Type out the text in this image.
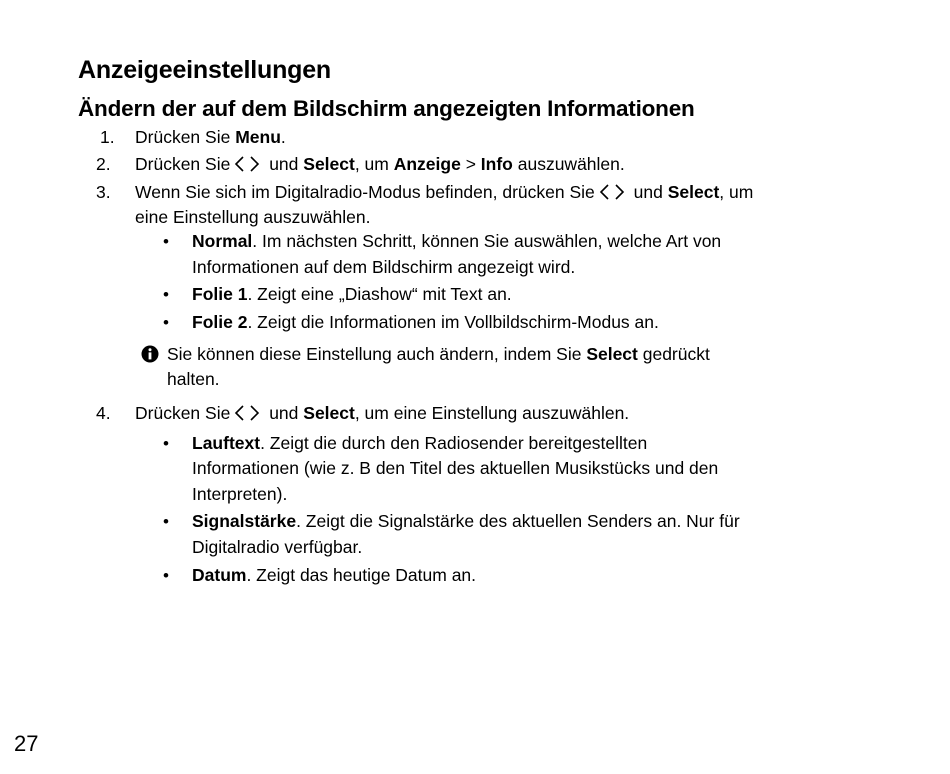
Anzeigeeinstellungen
Ändern der auf dem Bildschirm angezeigten Informationen
1. Drücken Sie Menu.

2. Drücken Sie
und Select, um Anzeige > Info auszuwählen.

3. Wenn Sie sich im Digitalradio-Modus befinden, drücken Sie
und Select, um

eine Einstellung auszuwählen.

• Normal. Im nächsten Schritt, können Sie auswählen, welche Art von

Informationen auf dem Bildschirm angezeigt wird.

• Folie 1. Zeigt eine „Diashow“ mit Text an.

• Folie 2. Zeigt die Informationen im Vollbildschirm-Modus an.

Sie können diese Einstellung auch ändern, indem Sie Select gedrückt

halten.

4. Drücken Sie
und Select, um eine Einstellung auszuwählen.

• Lauftext. Zeigt die durch den Radiosender bereitgestellten

Informationen (wie z. B den Titel des aktuellen Musikstücks und den

Interpreten).

• Signalstärke. Zeigt die Signalstärke des aktuellen Senders an. Nur für

Digitalradio verfügbar.

• Datum. Zeigt das heutige Datum an.

27
